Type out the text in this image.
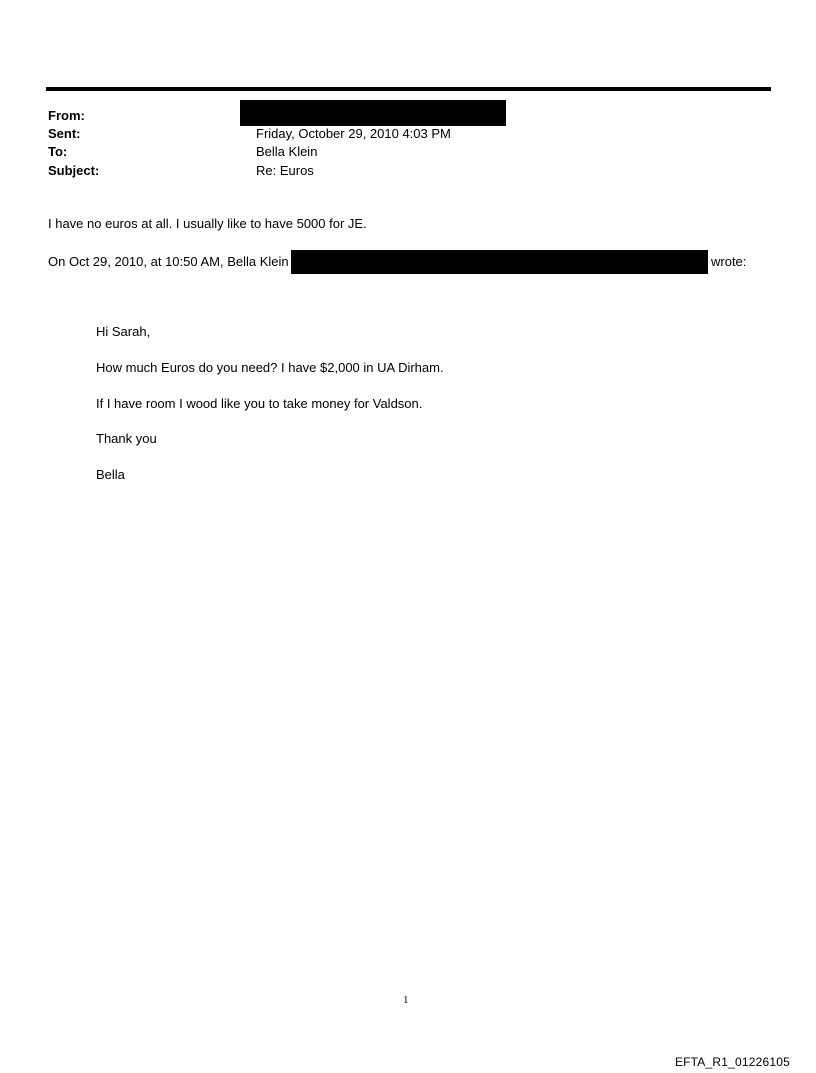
From:
Sent:	Friday, October 29, 2010 4:03 PM
To:	Bella Klein
Subject:	Re: Euros
I have no euros at all. I usually like to have 5000 for JE.
On Oct 29, 2010, at 10:50 AM, Bella Klein	wrote:
Hi Sarah,
How much Euros do you need? I have $2,000 in UA Dirham.
If I have room I wood like you to take money for Valdson.
Thank you
Bella
1
EFTA_R1_01226105
